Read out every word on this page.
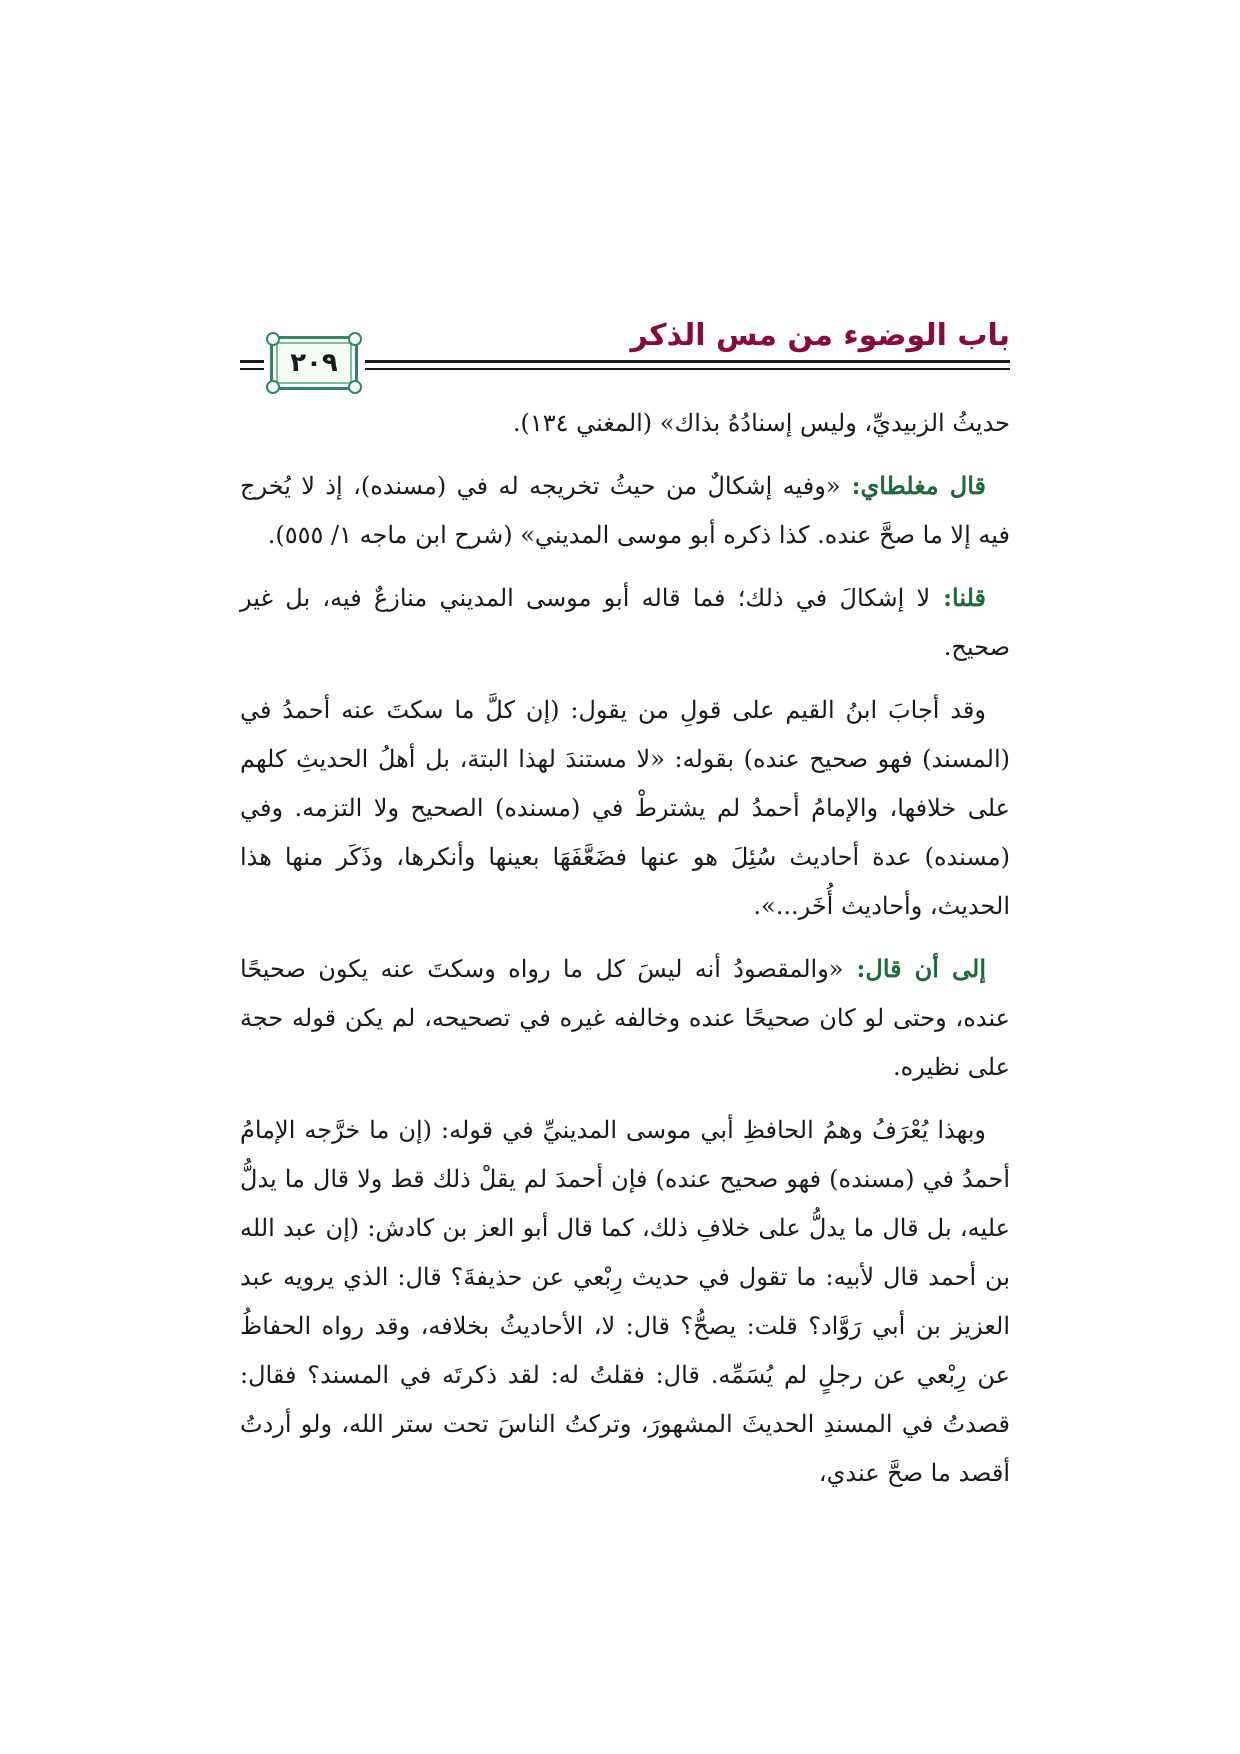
باب الوضوء من مس الذكر
٢٠٩

حديثُ الزبيديِّ، وليس إسنادُهُ بذاك» (المغني ١٣٤).

قال مغلطاي: «وفيه إشكالٌ من حيثُ تخريجه له في (مسنده)، إذ لا يُخرج فيه إلا ما صحَّ عنده. كذا ذكره أبو موسى المديني» (شرح ابن ماجه ١/ ٥٥٥).

قلنا: لا إشكالَ في ذلك؛ فما قاله أبو موسى المديني منازعٌ فيه، بل غير صحيح.

وقد أجابَ ابنُ القيم على قولِ من يقول: (إن كلَّ ما سكتَ عنه أحمدُ في (المسند) فهو صحيح عنده) بقوله: «لا مستندَ لهذا البتة، بل أهلُ الحديثِ كلهم على خلافها، والإمامُ أحمدُ لم يشترطْ في (مسنده) الصحيح ولا التزمه. وفي (مسنده) عدة أحاديث سُئِلَ هو عنها فضَعَّفَهَا بعينها وأنكرها، وذَكَر منها هذا الحديث، وأحاديث أُخَر...».

إلى أن قال: «والمقصودُ أنه ليسَ كل ما رواه وسكتَ عنه يكون صحيحًا عنده، وحتى لو كان صحيحًا عنده وخالفه غيره في تصحيحه، لم يكن قوله حجة على نظيره.

وبهذا يُعْرَفُ وهمُ الحافظِ أبي موسى المدينيِّ في قوله: (إن ما خرَّجه الإمامُ أحمدُ في (مسنده) فهو صحيح عنده) فإن أحمدَ لم يقلْ ذلك قط ولا قال ما يدلُّ عليه، بل قال ما يدلُّ على خلافِ ذلك، كما قال أبو العز بن كادش: (إن عبد الله بن أحمد قال لأبيه: ما تقول في حديث رِبْعي عن حذيفةَ؟ قال: الذي يرويه عبد العزيز بن أبي رَوَّاد؟ قلت: يصحُّ؟ قال: لا، الأحاديثُ بخلافه، وقد رواه الحفاظُ عن رِبْعي عن رجلٍ لم يُسَمِّه. قال: فقلتُ له: لقد ذكرتَه في المسند؟ فقال: قصدتُ في المسندِ الحديثَ المشهورَ، وتركتُ الناسَ تحت ستر الله، ولو أردتُ أقصد ما صحَّ عندي،
